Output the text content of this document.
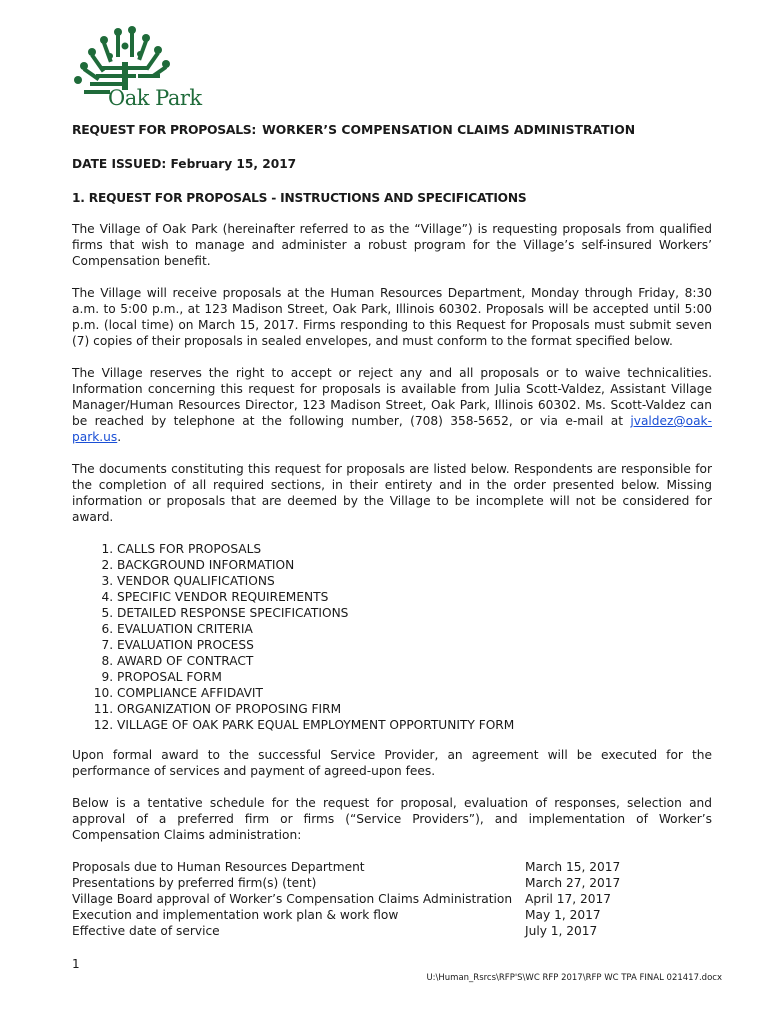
Oak Park
REQUEST FOR PROPOSALS: WORKER’S COMPENSATION CLAIMS ADMINISTRATION
DATE ISSUED: February 15, 2017
1. REQUEST FOR PROPOSALS - INSTRUCTIONS AND SPECIFICATIONS

The Village of Oak Park (hereinafter referred to as the “Village”) is requesting proposals from qualified firms that wish to manage and administer a robust program for the Village’s self-insured Workers’ Compensation benefit.

The Village will receive proposals at the Human Resources Department, Monday through Friday, 8:30 a.m. to 5:00 p.m., at 123 Madison Street, Oak Park, Illinois 60302. Proposals will be accepted until 5:00 p.m. (local time) on March 15, 2017. Firms responding to this Request for Proposals must submit seven (7) copies of their proposals in sealed envelopes, and must conform to the format specified below.

The Village reserves the right to accept or reject any and all proposals or to waive technicalities. Information concerning this request for proposals is available from Julia Scott-Valdez, Assistant Village Manager/Human Resources Director, 123 Madison Street, Oak Park, Illinois 60302. Ms. Scott-Valdez can be reached by telephone at the following number, (708) 358-5652, or via e-mail at jvaldez@oak-park.us.

The documents constituting this request for proposals are listed below. Respondents are responsible for the completion of all required sections, in their entirety and in the order presented below. Missing information or proposals that are deemed by the Village to be incomplete will not be considered for award.

1. CALLS FOR PROPOSALS
2. BACKGROUND INFORMATION
3. VENDOR QUALIFICATIONS
4. SPECIFIC VENDOR REQUIREMENTS
5. DETAILED RESPONSE SPECIFICATIONS
6. EVALUATION CRITERIA
7. EVALUATION PROCESS
8. AWARD OF CONTRACT
9. PROPOSAL FORM
10. COMPLIANCE AFFIDAVIT
11. ORGANIZATION OF PROPOSING FIRM
12. VILLAGE OF OAK PARK EQUAL EMPLOYMENT OPPORTUNITY FORM

Upon formal award to the successful Service Provider, an agreement will be executed for the performance of services and payment of agreed-upon fees.

Below is a tentative schedule for the request for proposal, evaluation of responses, selection and approval of a preferred firm or firms (“Service Providers”), and implementation of Worker’s Compensation Claims administration:

Proposals due to Human Resources Department	March 15, 2017
Presentations by preferred firm(s) (tent)	March 27, 2017
Village Board approval of Worker’s Compensation Claims Administration	April 17, 2017
Execution and implementation work plan & work flow	May 1, 2017
Effective date of service	July 1, 2017
1
U:\Human_Rsrcs\RFP'S\WC RFP 2017\RFP WC TPA FINAL 021417.docx
